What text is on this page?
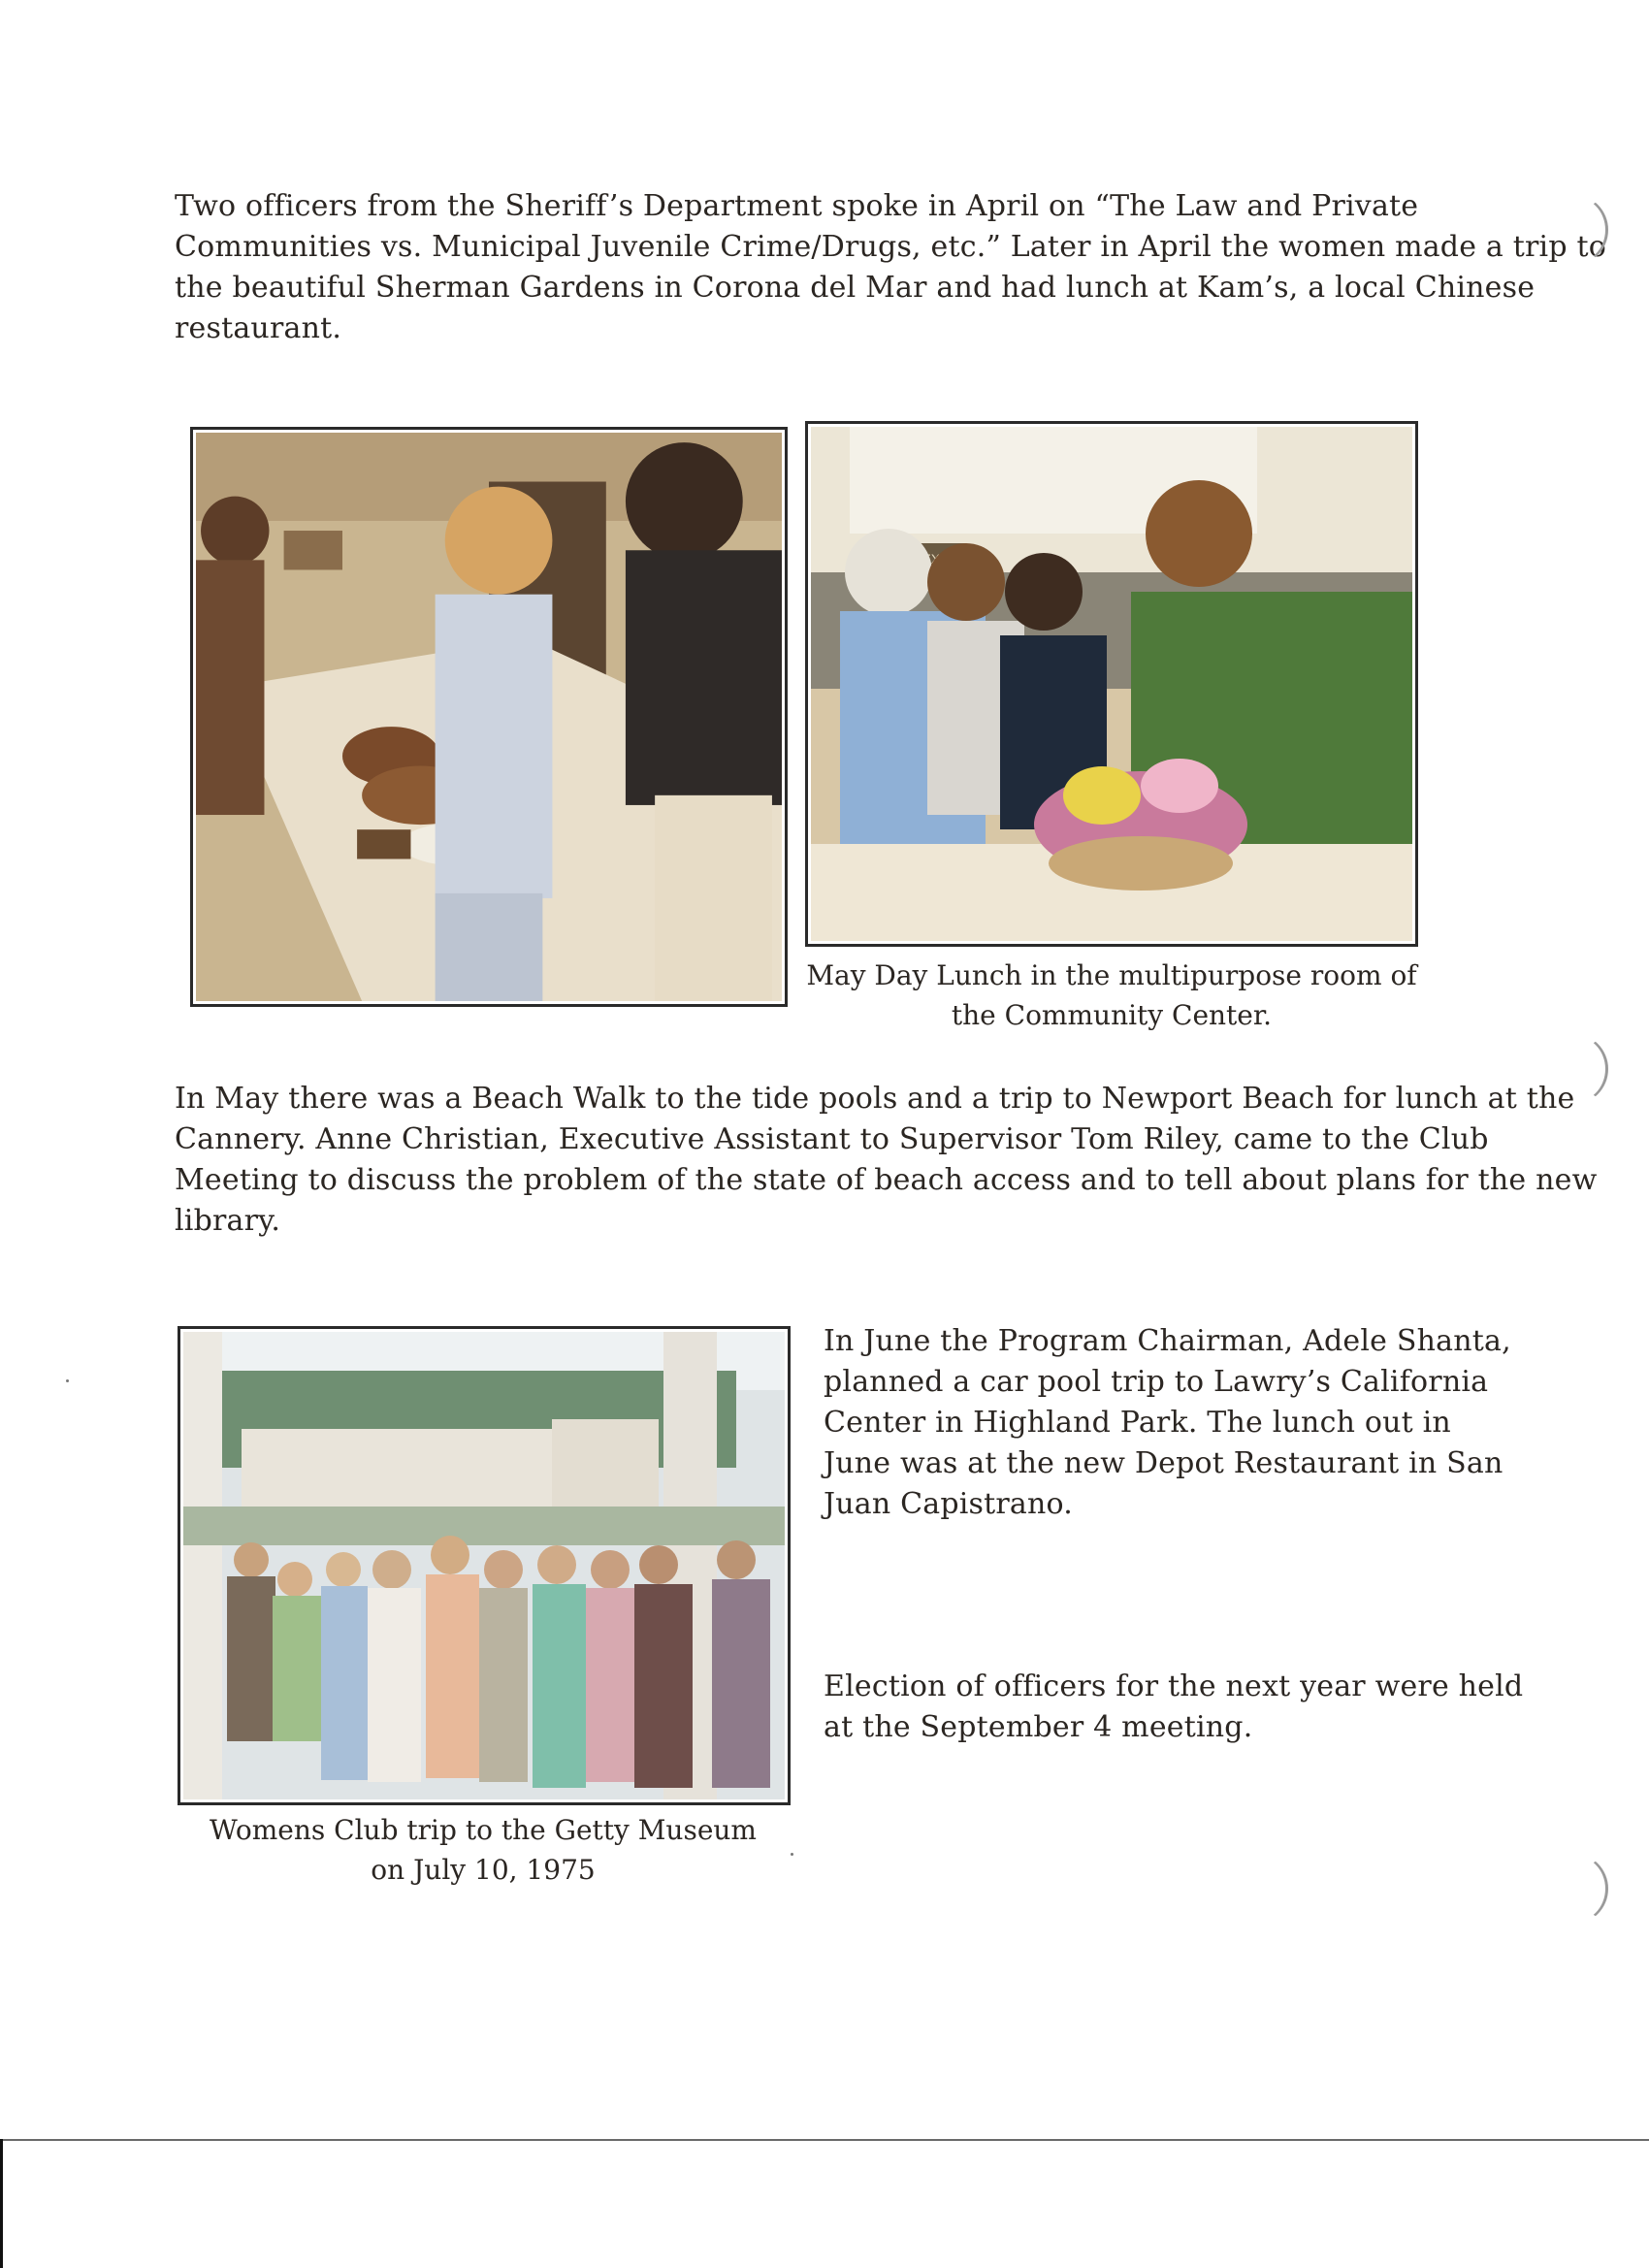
Two officers from the Sheriff’s Department spoke in April on “The Law and Private
Communities vs. Municipal Juvenile Crime/Drugs, etc.” Later in April the women made a trip to
the beautiful Sherman Gardens in Corona del Mar and had lunch at Kam’s, a local Chinese
restaurant.
May Day Lunch in the multipurpose room of
the Community Center.
In May there was a Beach Walk to the tide pools and a trip to Newport Beach for lunch at the
Cannery. Anne Christian, Executive Assistant to Supervisor Tom Riley, came to the Club
Meeting to discuss the problem of the state of beach access and to tell about plans for the new
library.
Womens Club trip to the Getty Museum
on July 10, 1975
In June the Program Chairman, Adele Shanta,
planned a car pool trip to Lawry’s California
Center in Highland Park. The lunch out in
June was at the new Depot Restaurant in San
Juan Capistrano.
Election of officers for the next year were held
at the September 4 meeting.
